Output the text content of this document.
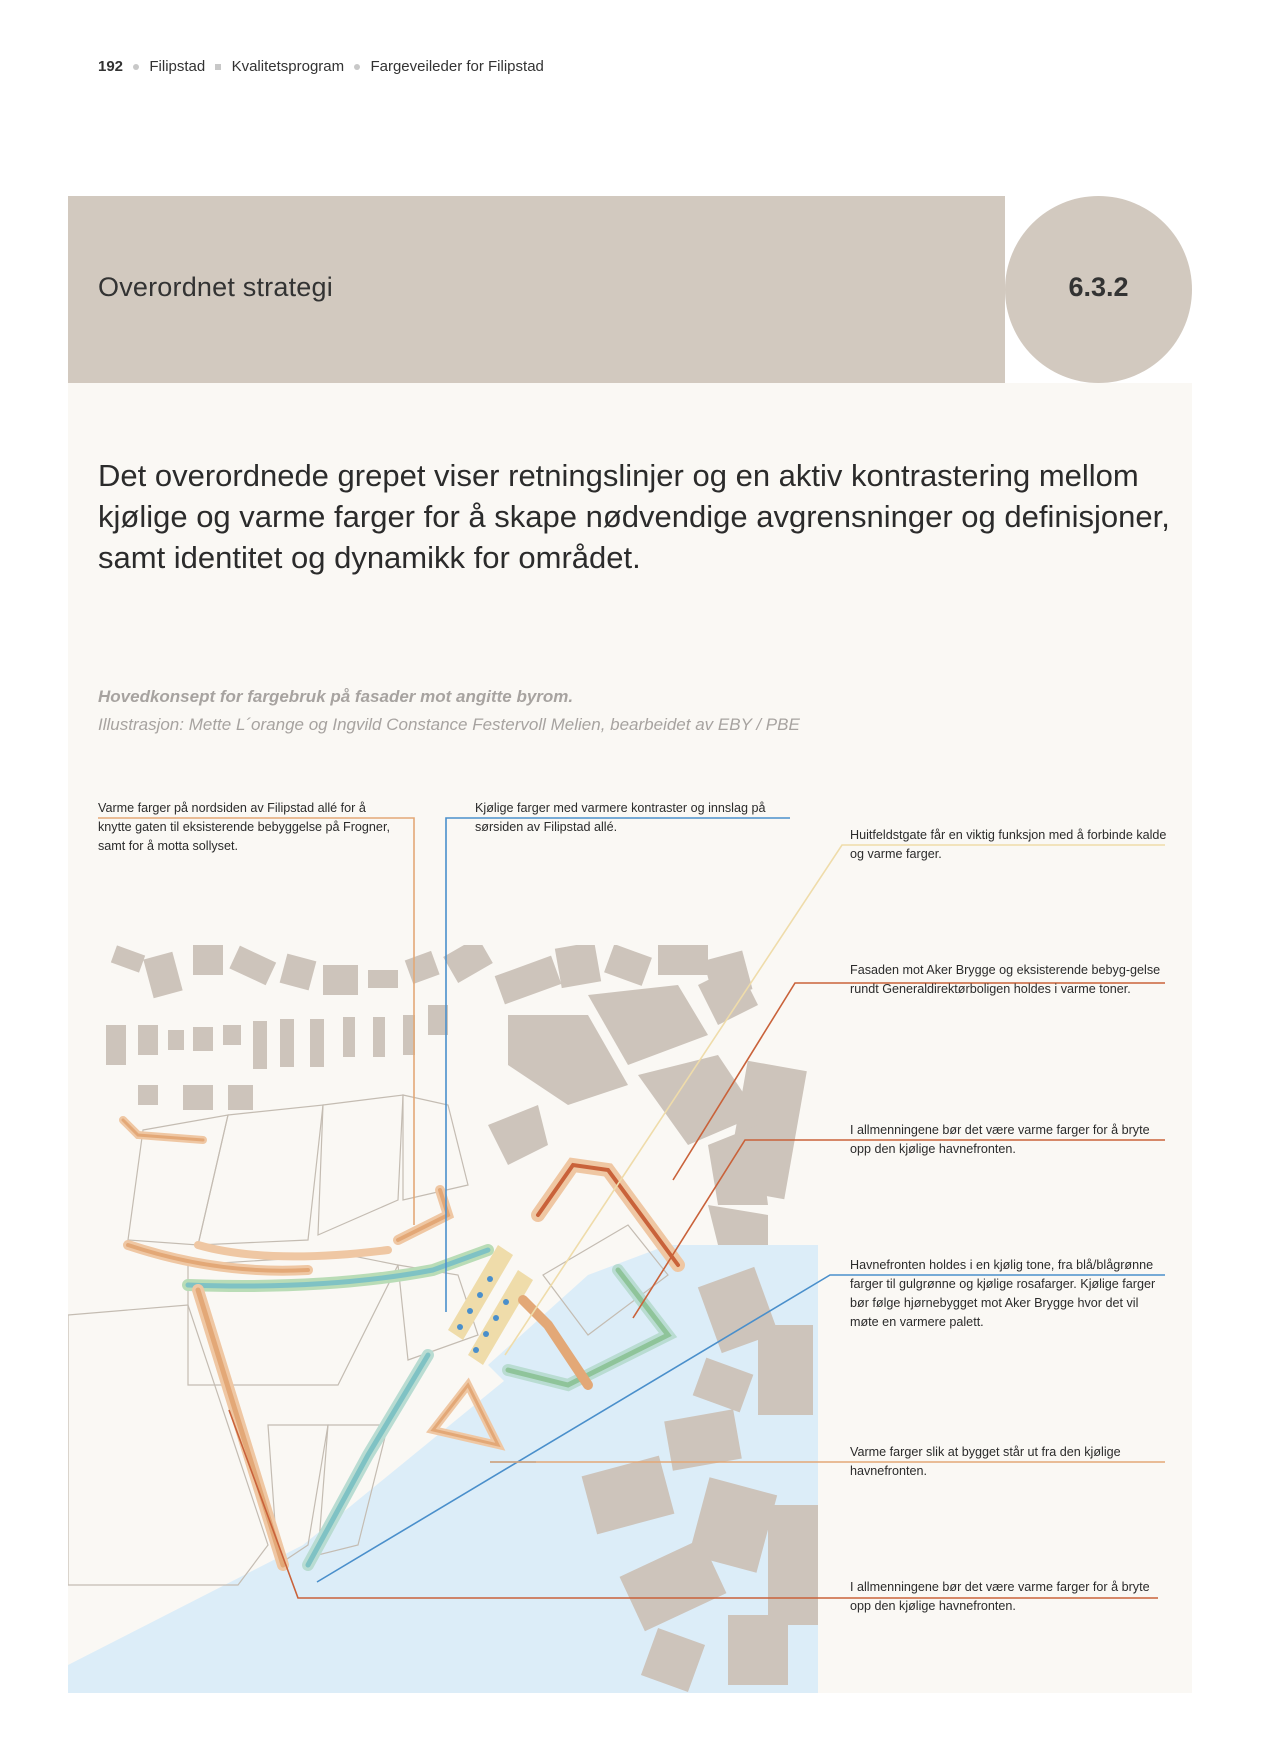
192 Filipstad Kvalitetsprogram Fargeveileder for Filipstad
Overordnet strategi	6.3.2

Det overordnede grepet viser retningslinjer og en aktiv kontrastering mellom kjølige og varme farger for å skape nødvendige avgrensninger og definisjoner, samt identitet og dynamikk for området.

Hovedkonsept for fargebruk på fasader mot angitte byrom.
Illustrasjon: Mette L´orange og Ingvild Constance Festervoll Melien, bearbeidet av EBY / PBE

Varme farger på nordsiden av Filipstad allé for å knytte gaten til eksisterende bebyggelse på Frogner, samt for å motta sollyset.

Kjølige farger med varmere kontraster og innslag på sørsiden av Filipstad allé.

Huitfeldstgate får en viktig funksjon med å forbinde kalde og varme farger.

Fasaden mot Aker Brygge og eksisterende bebyg-gelse rundt Generaldirektørboligen holdes i varme toner.

I allmenningene bør det være varme farger for å bryte opp den kjølige havnefronten.

Havnefronten holdes i en kjølig tone, fra blå/blågrønne farger til gulgrønne og kjølige rosafarger. Kjølige farger bør følge hjørnebygget mot Aker Brygge hvor det vil møte en varmere palett.

Varme farger slik at bygget står ut fra den kjølige havnefronten.

I allmenningene bør det være varme farger for å bryte opp den kjølige havnefronten.
